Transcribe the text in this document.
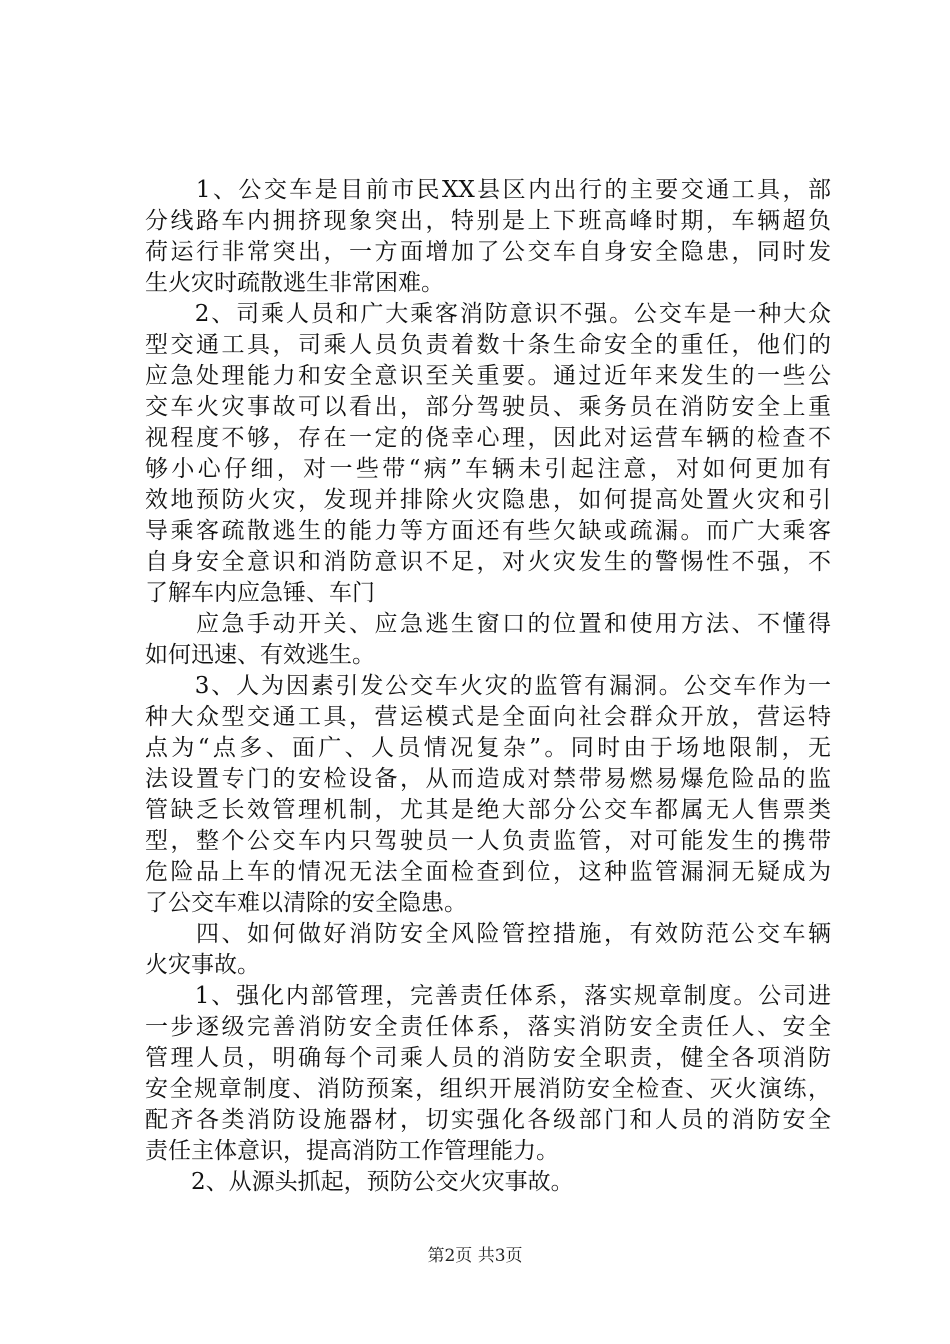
　　1、公交车是目前市民XX县区内出行的主要交通工具，部

分线路车内拥挤现象突出，特别是上下班高峰时期，车辆超负

荷运行非常突出，一方面增加了公交车自身安全隐患，同时发

生火灾时疏散逃生非常困难。

　　2、司乘人员和广大乘客消防意识不强。公交车是一种大众

型交通工具，司乘人员负责着数十条生命安全的重任，他们的

应急处理能力和安全意识至关重要。通过近年来发生的一些公

交车火灾事故可以看出，部分驾驶员、乘务员在消防安全上重

视程度不够，存在一定的侥幸心理，因此对运营车辆的检查不

够小心仔细，对一些带“病”车辆未引起注意，对如何更加有

效地预防火灾，发现并排除火灾隐患，如何提高处置火灾和引

导乘客疏散逃生的能力等方面还有些欠缺或疏漏。而广大乘客

自身安全意识和消防意识不足，对火灾发生的警惕性不强，不

了解车内应急锤、车门

　　应急手动开关、应急逃生窗口的位置和使用方法、不懂得

如何迅速、有效逃生。

　　3、人为因素引发公交车火灾的监管有漏洞。公交车作为一

种大众型交通工具，营运模式是全面向社会群众开放，营运特

点为“点多、面广、人员情况复杂”。同时由于场地限制，无

法设置专门的安检设备，从而造成对禁带易燃易爆危险品的监

管缺乏长效管理机制，尤其是绝大部分公交车都属无人售票类

型，整个公交车内只驾驶员一人负责监管，对可能发生的携带

危险品上车的情况无法全面检查到位，这种监管漏洞无疑成为

了公交车难以清除的安全隐患。

　　四、如何做好消防安全风险管控措施，有效防范公交车辆

火灾事故。

　　1、强化内部管理，完善责任体系，落实规章制度。公司进

一步逐级完善消防安全责任体系，落实消防安全责任人、安全

管理人员，明确每个司乘人员的消防安全职责，健全各项消防

安全规章制度、消防预案，组织开展消防安全检查、灭火演练，

配齐各类消防设施器材，切实强化各级部门和人员的消防安全

责任主体意识，提高消防工作管理能力。

　　2、从源头抓起，预防公交火灾事故。

第2页 共3页
